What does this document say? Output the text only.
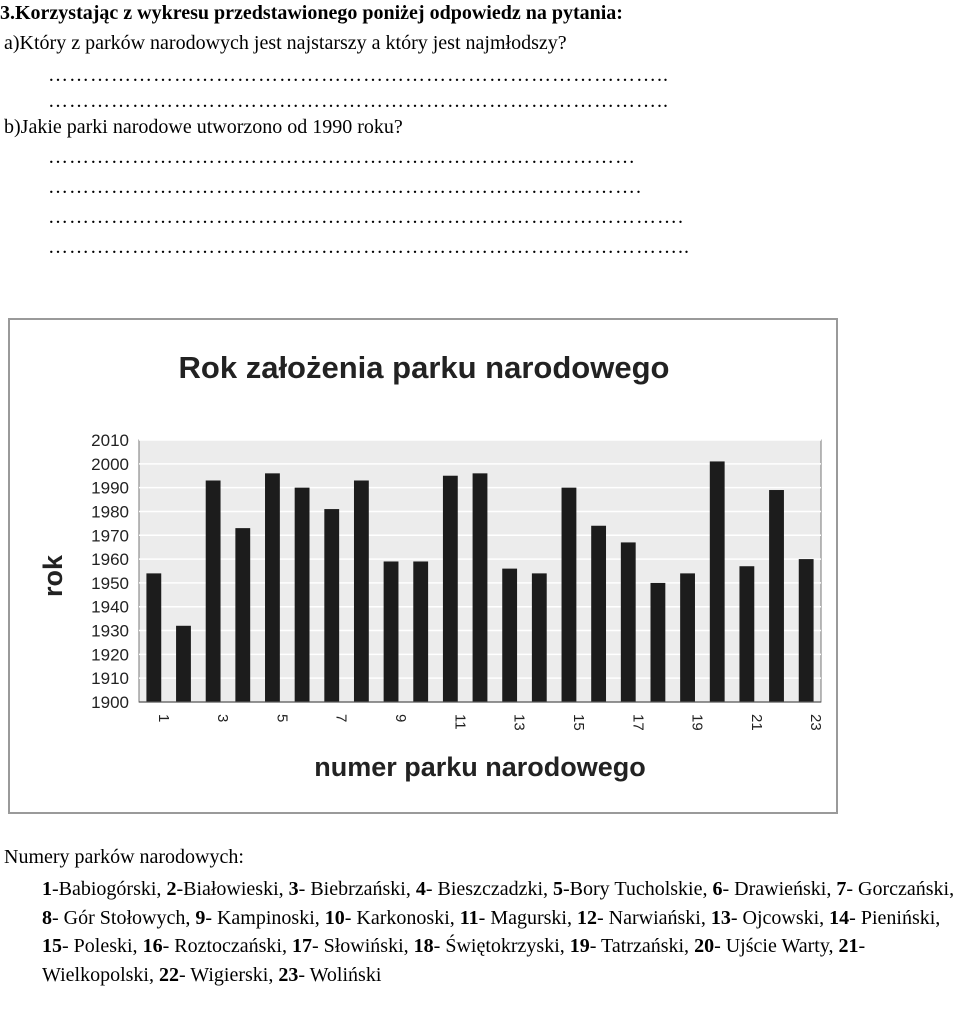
3.Korzystając z wykresu przedstawionego poniżej odpowiedz na pytania:
a)Który z parków narodowych jest najstarszy a który jest najmłodszy?
……………………………………………………………………………..
……………………………………………………………………………..
b)Jakie parki narodowe utworzono od 1990 roku?
…………………………………………………………………………
………………………………………………………………………….
……………………………………………………………………………….
………………………………………………………………………………..
Rok założenia parku narodowego
numer parku narodowego
rok
1900
1910
1920
1930
1940
1950
1960
1970
1980
1990
2000
2010
1	3	5	7	9	11	13	15	17	19	21	23
Numery parków narodowych:
1-Babiogórski, 2-Białowieski, 3- Biebrzański, 4- Bieszczadzki, 5-Bory Tucholskie, 6- Drawieński, 7- Gorczański, 8- Gór Stołowych, 9- Kampinoski, 10- Karkonoski, 11- Magurski, 12- Narwiański, 13- Ojcowski, 14- Pieniński, 15- Poleski, 16- Roztoczański, 17- Słowiński, 18- Świętokrzyski, 19- Tatrzański, 20- Ujście Warty, 21- Wielkopolski, 22- Wigierski, 23- Woliński
